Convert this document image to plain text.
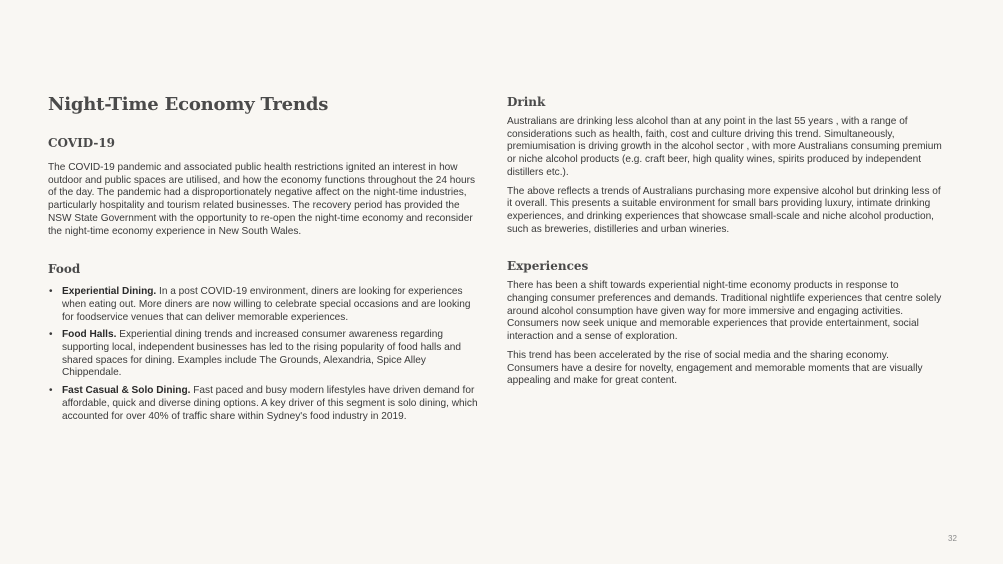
Night-Time Economy Trends
COVID-19

The COVID-19 pandemic and associated public health restrictions ignited an interest in how outdoor and public spaces are utilised, and how the economy functions throughout the 24 hours of the day. The pandemic had a disproportionately negative affect on the night-time industries, particularly hospitality and tourism related businesses. The recovery period has provided the NSW State Government with the opportunity to re-open the night-time economy and reconsider the night-time economy experience in New South Wales.

Food
• Experiential Dining. In a post COVID-19 environment, diners are looking for experiences when eating out. More diners are now willing to celebrate special occasions and are looking for foodservice venues that can deliver memorable experiences.
• Food Halls. Experiential dining trends and increased consumer awareness regarding supporting local, independent businesses has led to the rising popularity of food halls and shared spaces for dining. Examples include The Grounds, Alexandria, Spice Alley Chippendale.
• Fast Casual & Solo Dining. Fast paced and busy modern lifestyles have driven demand for affordable, quick and diverse dining options. A key driver of this segment is solo dining, which accounted for over 40% of traffic share within Sydney's food industry in 2019.
Drink

Australians are drinking less alcohol than at any point in the last 55 years , with a range of considerations such as health, faith, cost and culture driving this trend. Simultaneously, premiumisation is driving growth in the alcohol sector , with more Australians consuming premium or niche alcohol products (e.g. craft beer, high quality wines, spirits produced by independent distillers etc.).

The above reflects a trends of Australians purchasing more expensive alcohol but drinking less of it overall. This presents a suitable environment for small bars providing luxury, intimate drinking experiences, and drinking experiences that showcase small-scale and niche alcohol production, such as breweries, distilleries and urban wineries.

Experiences

There has been a shift towards experiential night-time economy products in response to changing consumer preferences and demands. Traditional nightlife experiences that centre solely around alcohol consumption have given way for more immersive and engaging activities. Consumers now seek unique and memorable experiences that provide entertainment, social interaction and a sense of exploration.

This trend has been accelerated by the rise of social media and the sharing economy. Consumers have a desire for novelty, engagement and memorable moments that are visually appealing and make for great content.

32
